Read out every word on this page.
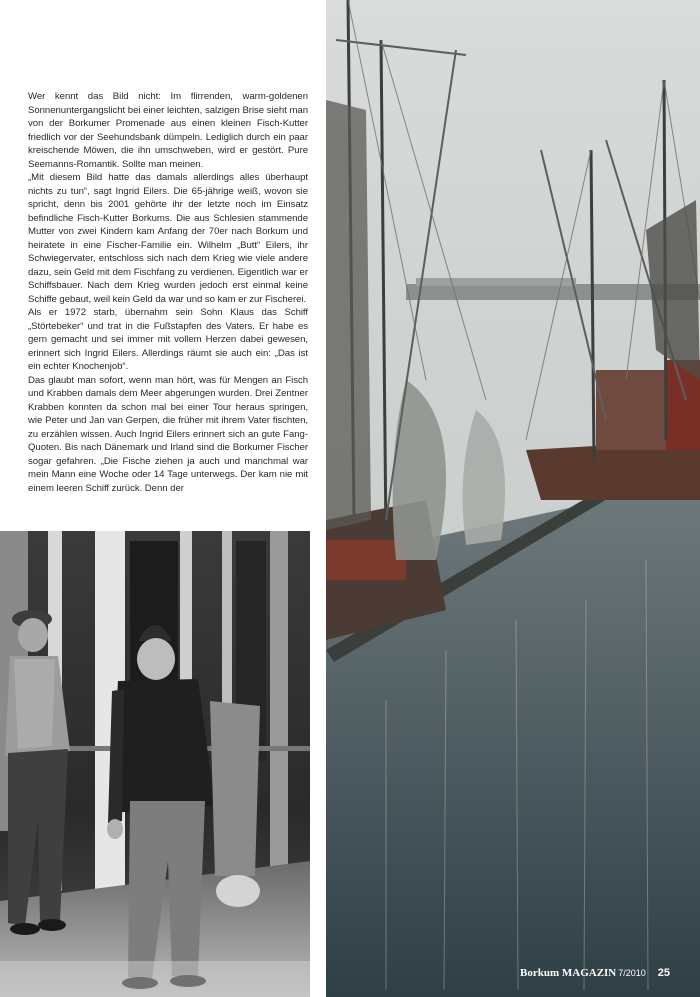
Wer kennt das Bild nicht: Im flirrenden, warm-goldenen Sonnenuntergangslicht bei einer leichten, salzigen Brise sieht man von der Borkumer Promenade aus einen kleinen Fisch-Kutter friedlich vor der Seehundsbank dümpeln. Lediglich durch ein paar kreischende Möwen, die ihn umschweben, wird er gestört. Pure Seemanns-Romantik. Sollte man meinen.

„Mit diesem Bild hatte das damals allerdings alles überhaupt nichts zu tun“, sagt Ingrid Eilers. Die 65-jährige weiß, wovon sie spricht, denn bis 2001 gehörte ihr der letzte noch im Einsatz befindliche Fisch-Kutter Borkums. Die aus Schlesien stammende Mutter von zwei Kindern kam Anfang der 70er nach Borkum und heiratete in eine Fischer-Familie ein. Wilhelm „Butt“ Eilers, ihr Schwiegervater, entschloss sich nach dem Krieg wie viele andere dazu, sein Geld mit dem Fischfang zu verdienen. Eigentlich war er Schiffsbauer. Nach dem Krieg wurden jedoch erst einmal keine Schiffe gebaut, weil kein Geld da war und so kam er zur Fischerei.

Als er 1972 starb, übernahm sein Sohn Klaus das Schiff „Störtebeker“ und trat in die Fußstapfen des Vaters. Er habe es gern gemacht und sei immer mit vollem Herzen dabei gewesen, erinnert sich Ingrid Eilers. Allerdings räumt sie auch ein: „Das ist ein echter Knochenjob“.

Das glaubt man sofort, wenn man hört, was für Mengen an Fisch und Krabben damals dem Meer abgerungen wurden. Drei Zentner Krabben konnten da schon mal bei einer Tour heraus springen, wie Peter und Jan van Gerpen, die früher mit ihrem Vater fischten, zu erzählen wissen. Auch Ingrid Eilers erinnert sich an gute Fang-Quoten. Bis nach Dänemark und Irland sind die Borkumer Fischer sogar gefahren. „Die Fische ziehen ja auch und manchmal war mein Mann eine Woche oder 14 Tage unterwegs. Der kam nie mit einem leeren Schiff zurück. Denn der

Borkum MAGAZIN 7/2010 25
